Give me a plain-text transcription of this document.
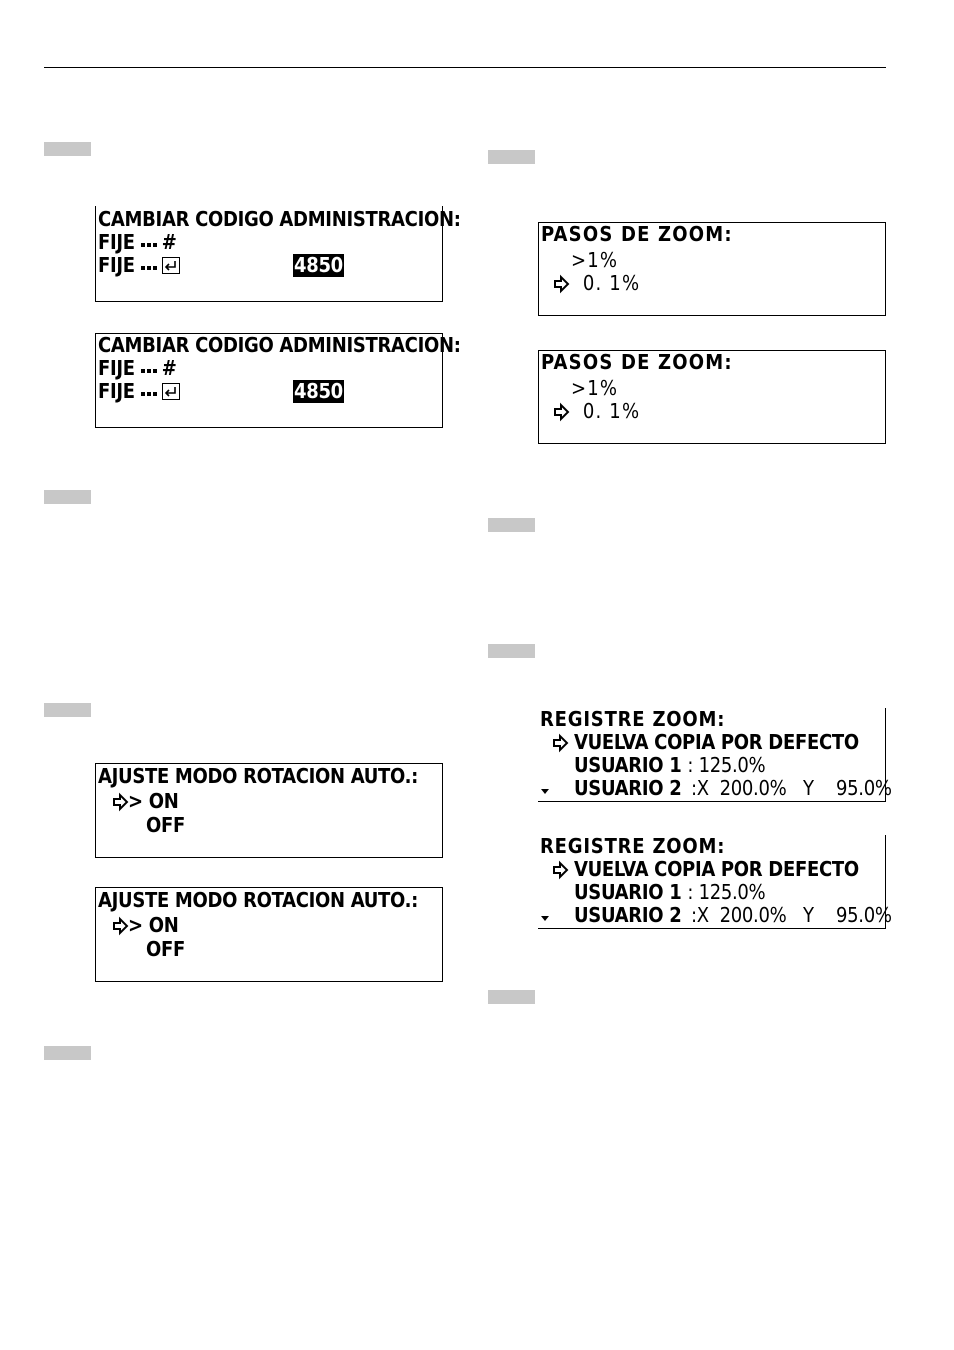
CAMBIAR CODIGO ADMINISTRACION:
FIJE #
FIJE	4850
CAMBIAR CODIGO ADMINISTRACION:
FIJE #
FIJE	4850
AJUSTE MODO ROTACION AUTO.:
> ON
OFF
AJUSTE MODO ROTACION AUTO.:
> ON
OFF
PASOS DE ZOOM:
>1%
0. 1%
PASOS DE ZOOM:
>1%
0. 1%
REGISTRE ZOOM:
VUELVA COPIA POR DEFECTO
USUARIO 1 : 125.0%
USUARIO 2 :X  200.0% Y 95.0%
REGISTRE ZOOM:
VUELVA COPIA POR DEFECTO
USUARIO 1 : 125.0%
USUARIO 2 :X  200.0% Y 95.0%
